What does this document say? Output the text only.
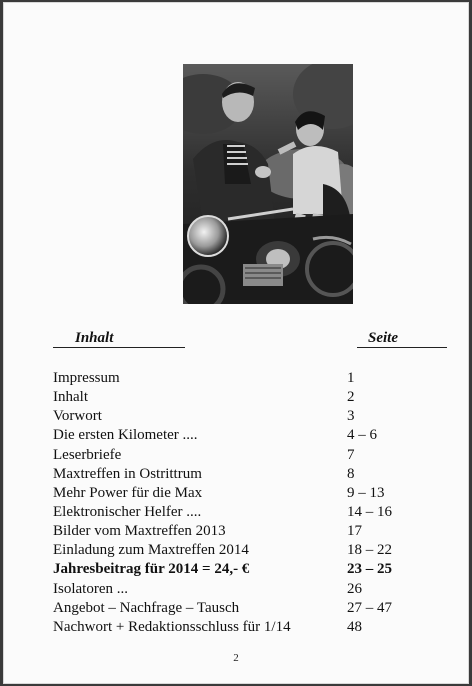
Inhalt	Seite
Impressum	1
Inhalt	2
Vorwort	3
Die ersten Kilometer ....	4 – 6
Leserbriefe	7
Maxtreffen in Ostrittrum	8
Mehr Power für die Max	9 – 13
Elektronischer Helfer ....	14 – 16
Bilder vom Maxtreffen 2013	17
Einladung zum Maxtreffen 2014	18 – 22
Jahresbeitrag für 2014 = 24,- €	23 – 25
Isolatoren ...	26
Angebot – Nachfrage – Tausch	27 – 47
Nachwort + Redaktionsschluss für 1/14	48
2
